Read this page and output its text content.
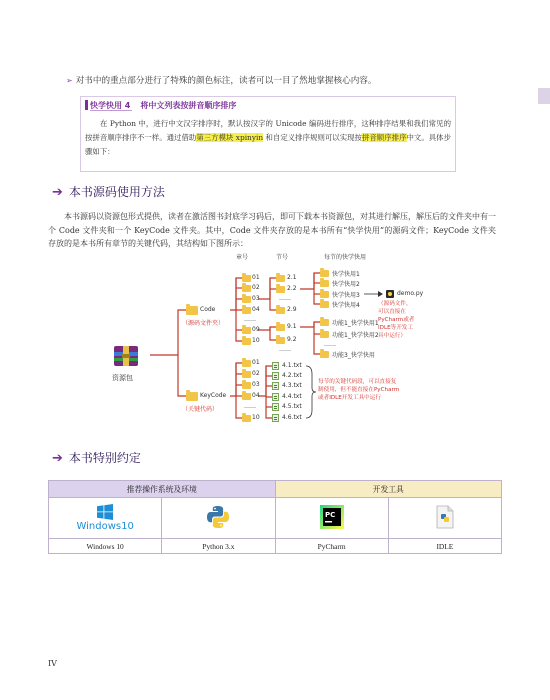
➢ 对书中的重点部分进行了特殊的颜色标注，读者可以一目了然地掌握核心内容。
快学快用 4 将中文列表按拼音顺序排序
　　在 Python 中，进行中文汉字排序时，默认按汉字的 Unicode 编码进行排序，这种排序结果和我们常见的按拼音顺序排序不一样。通过借助第三方模块 xpinyin 和自定义排序规则可以实现按拼音顺序排序中文。具体步骤如下：
➔ 本书源码使用方法
　　本书源码以资源包形式提供，读者在激活图书封底学习码后，即可下载本书资源包，对其进行解压，解压后的文件夹中有一个 Code 文件夹和一个 KeyCode 文件夹。其中，Code 文件夹存放的是本书所有“快学快用”的源码文件；KeyCode 文件夹存放的是本书所有章节的关键代码，其结构如下图所示：
章号	节号	每节的快学快用
资源包
Code
（源码文件夹）
KeyCode
（关键代码）
01
02
03
04
……
09
10
2.1
2.2
……
2.9
9.1
9.2
……
快学快用1
快学快用2
快学快用3
快学快用4
demo.py
（源码文件，
可以直接在
PyCharm或者
IDLE等开发工
具中运行）
功能1_快学快用1
功能1_快学快用2
……
功能3_快学快用
01
02
03
04
……
10
4.1.txt
4.2.txt
4.3.txt
4.4.txt
4.5.txt
4.6.txt
每节的关键代码段，可以直接复
制使用，但不能直接在PyCharm
或者IDLE开发工具中运行
➔ 本书特别约定
推荐操作系统及环境		开发工具	

Windows10		PC

Windows 10	Python 3.x	PyCharm	IDLE
IV
